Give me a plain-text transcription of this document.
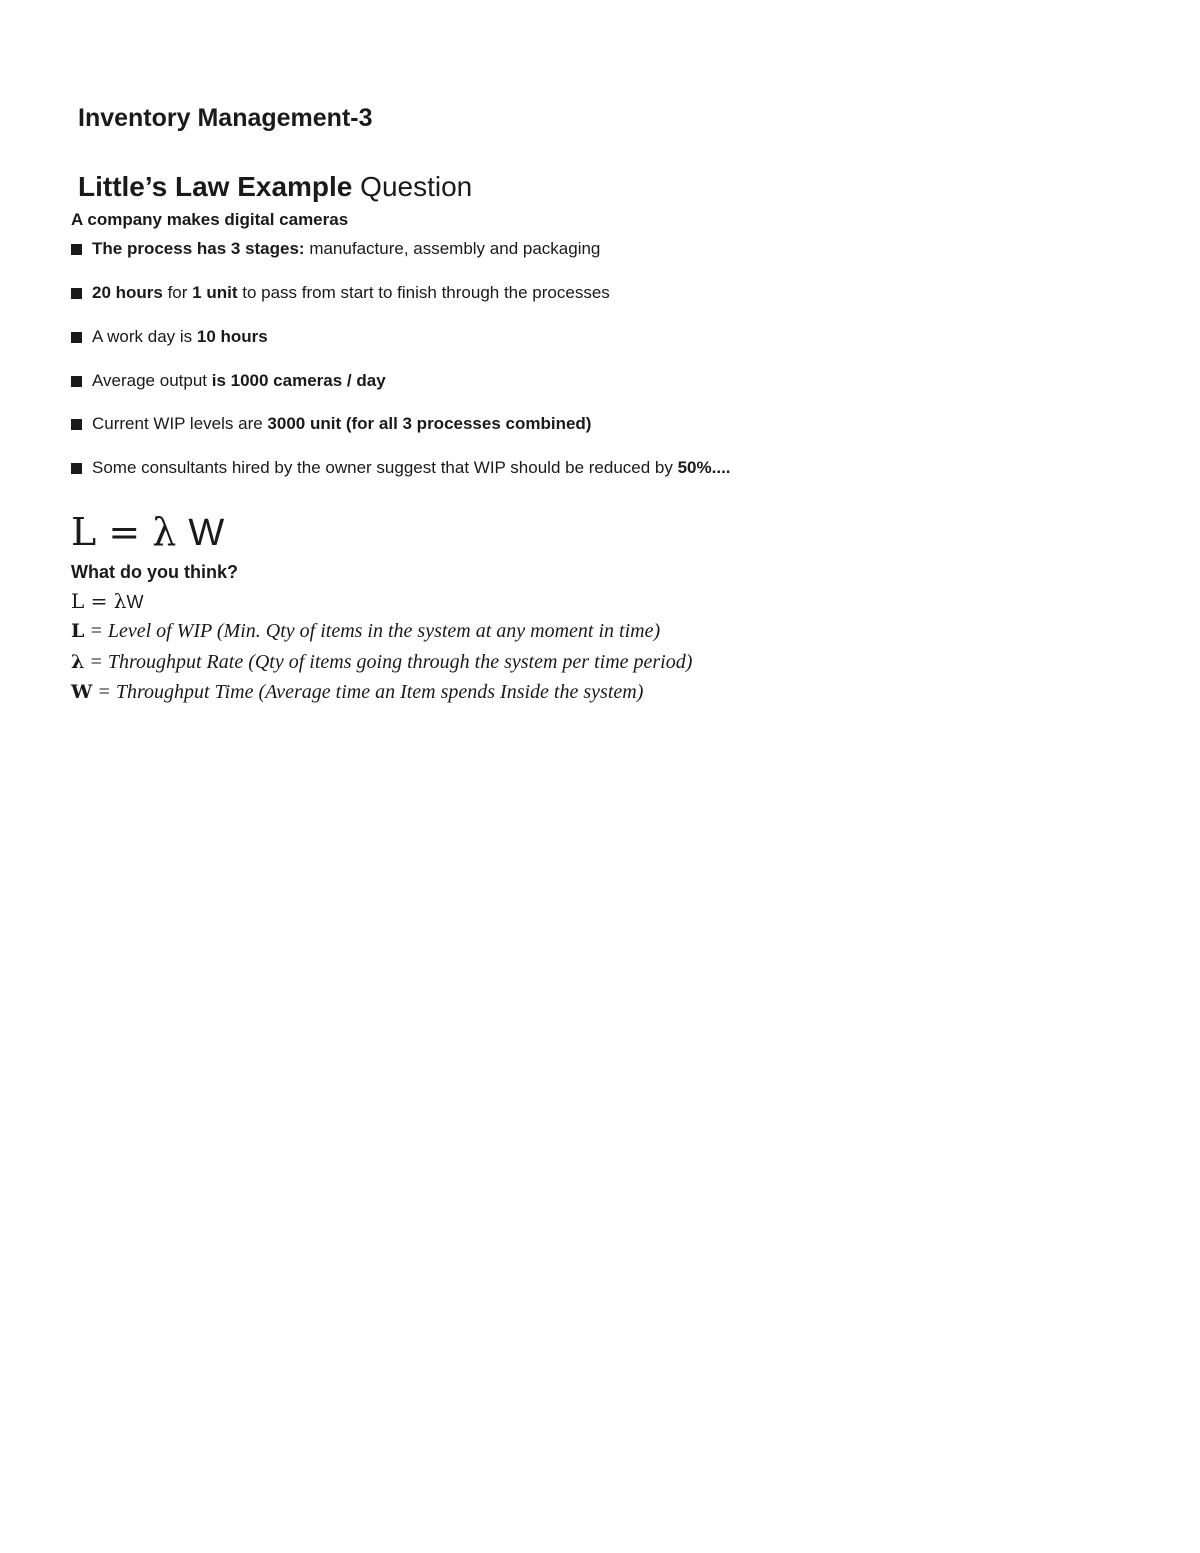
Inventory Management-3
Little’s Law Example Question
A company makes digital cameras
The process has 3 stages: manufacture, assembly and packaging
20 hours for 1 unit to pass from start to finish through the processes
A work day is 10 hours
Average output is 1000 cameras / day
Current WIP levels are 3000 unit (for all 3 processes combined)
Some consultants hired by the owner suggest that WIP should be reduced by 50%....
L = λ W
What do you think?
L = λW
L = Level of WIP (Min. Qty of items in the system at any moment in time)
λ = Throughput Rate (Qty of items going through the system per time period)
W = Throughput Time (Average time an Item spends Inside the system)
